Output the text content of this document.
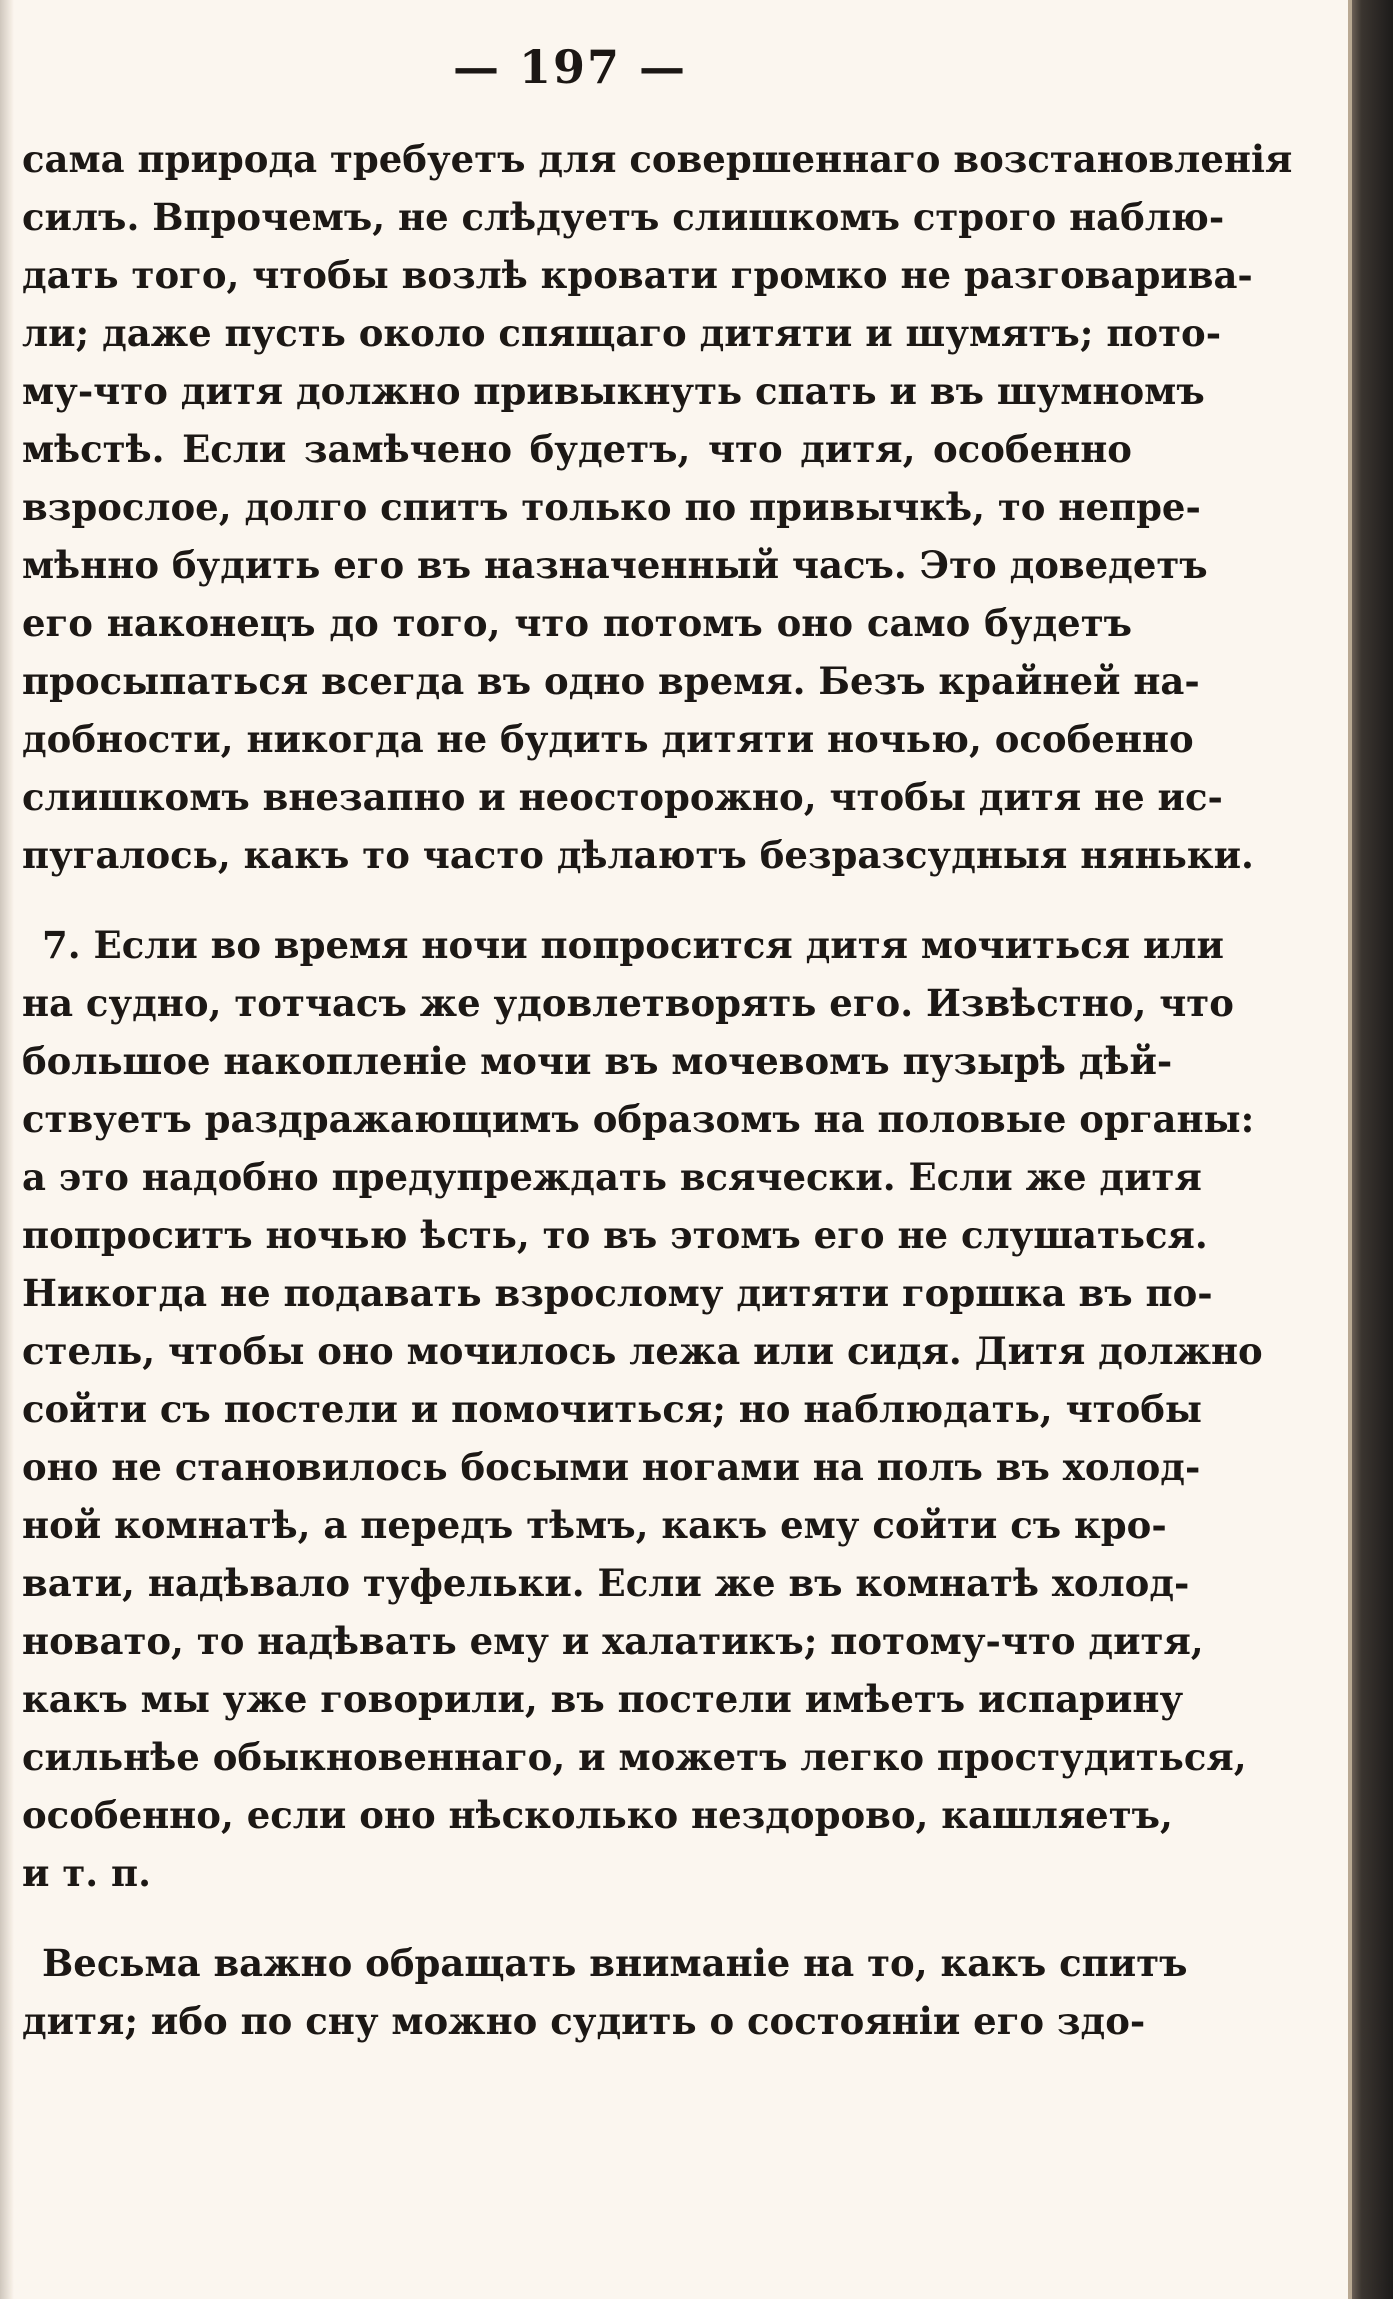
— 197 —
сама природа требуетъ для совершеннаго возстановленія
силъ. Впрочемъ, не слѣдуетъ слишкомъ строго наблю-
дать того, чтобы возлѣ кровати громко не разговарива-
ли; даже пусть около спящаго дитяти и шумятъ; пото-
му-что дитя должно привыкнуть спать и въ шумномъ
мѣстѣ. Если замѣчено будетъ, что дитя, особенно
взрослое, долго спитъ только по привычкѣ, то непре-
мѣнно будить его въ назначенный часъ. Это доведетъ
его наконецъ до того, что потомъ оно само будетъ
просыпаться всегда въ одно время. Безъ крайней на-
добности, никогда не будить дитяти ночью, особенно
слишкомъ внезапно и неосторожно, чтобы дитя не ис-
пугалось, какъ то часто дѣлаютъ безразсудныя няньки.
7. Если во время ночи попросится дитя мочиться или
на судно, тотчасъ же удовлетворять его. Извѣстно, что
большое накопленіе мочи въ мочевомъ пузырѣ дѣй-
ствуетъ раздражающимъ образомъ на половые органы:
а это надобно предупреждать всячески. Если же дитя
попроситъ ночью ѣсть, то въ этомъ его не слушаться.
Никогда не подавать взрослому дитяти горшка въ по-
стель, чтобы оно мочилось лежа или сидя. Дитя должно
сойти съ постели и помочиться; но наблюдать, чтобы
оно не становилось босыми ногами на полъ въ холод-
ной комнатѣ, а передъ тѣмъ, какъ ему сойти съ кро-
вати, надѣвало туфельки. Если же въ комнатѣ холод-
новато, то надѣвать ему и халатикъ; потому-что дитя,
какъ мы уже говорили, въ постели имѣетъ испарину
сильнѣе обыкновеннаго, и можетъ легко простудиться,
особенно, если оно нѣсколько нездорово, кашляетъ,
и т. п.
Весьма важно обращать вниманіе на то, какъ спитъ
дитя; ибо по сну можно судить о состояніи его здо-
